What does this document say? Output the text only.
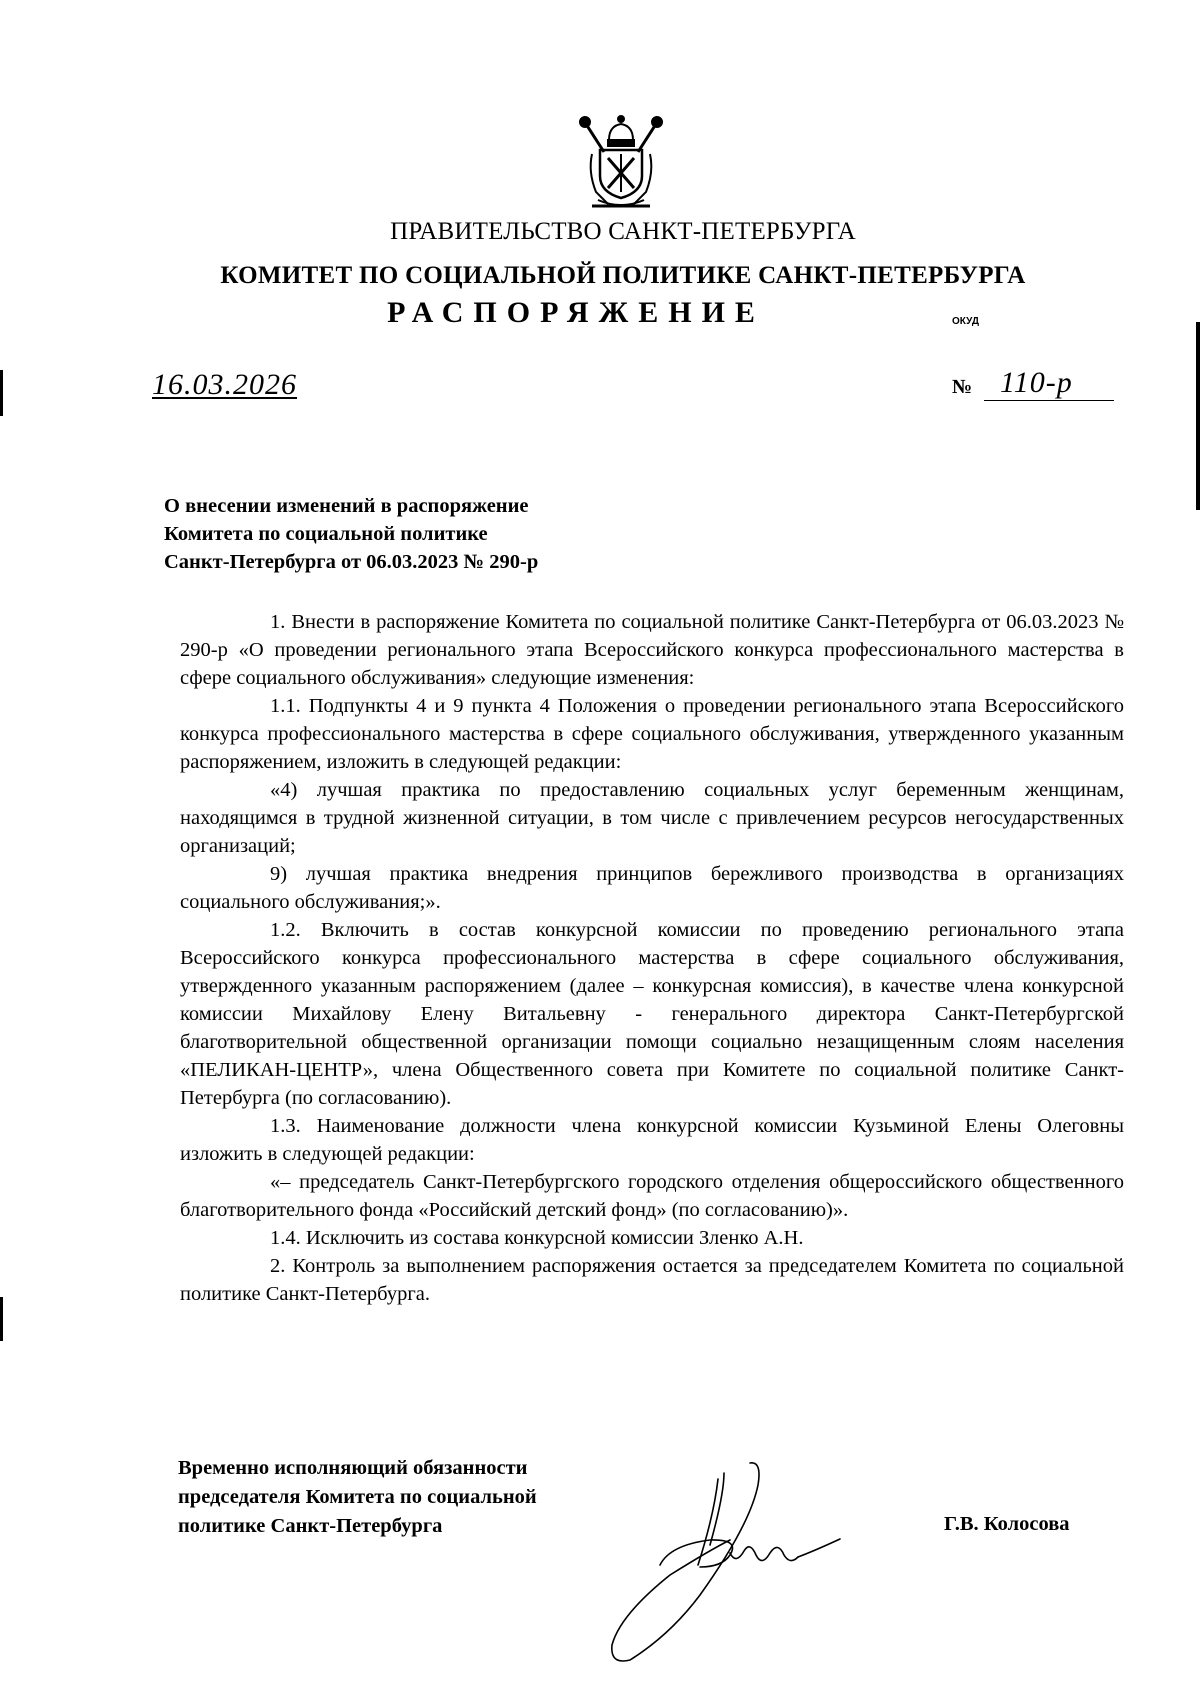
ПРАВИТЕЛЬСТВО САНКТ-ПЕТЕРБУРГА
КОМИТЕТ ПО СОЦИАЛЬНОЙ ПОЛИТИКЕ САНКТ-ПЕТЕРБУРГА
РАСПОРЯЖЕНИЕ	ОКУД
16.03.2026	№ 110-р
О внесении изменений в распоряжение
Комитета по социальной политике
Санкт-Петербурга от 06.03.2023 № 290-р

1. Внести в распоряжение Комитета по социальной политике Санкт-Петербурга от 06.03.2023 № 290-р «О проведении регионального этапа Всероссийского конкурса профессионального мастерства в сфере социального обслуживания» следующие изменения:

1.1. Подпункты 4 и 9 пункта 4 Положения о проведении регионального этапа Всероссийского конкурса профессионального мастерства в сфере социального обслуживания, утвержденного указанным распоряжением, изложить в следующей редакции:

«4) лучшая практика по предоставлению социальных услуг беременным женщинам, находящимся в трудной жизненной ситуации, в том числе с привлечением ресурсов негосударственных организаций;

9) лучшая практика внедрения принципов бережливого производства в организациях социального обслуживания;».

1.2. Включить в состав конкурсной комиссии по проведению регионального этапа Всероссийского конкурса профессионального мастерства в сфере социального обслуживания, утвержденного указанным распоряжением (далее – конкурсная комиссия), в качестве члена конкурсной комиссии Михайлову Елену Витальевну - генерального директора Санкт-Петербургской благотворительной общественной организации помощи социально незащищенным слоям населения «ПЕЛИКАН-ЦЕНТР», члена Общественного совета при Комитете по социальной политике Санкт-Петербурга (по согласованию).

1.3. Наименование должности члена конкурсной комиссии Кузьминой Елены Олеговны изложить в следующей редакции:

«– председатель Санкт-Петербургского городского отделения общероссийского общественного благотворительного фонда «Российский детский фонд» (по согласованию)».

1.4. Исключить из состава конкурсной комиссии Зленко А.Н.

2. Контроль за выполнением распоряжения остается за председателем Комитета по социальной политике Санкт-Петербурга.

Временно исполняющий обязанности
председателя Комитета по социальной
политике Санкт-Петербурга	Г.В. Колосова
